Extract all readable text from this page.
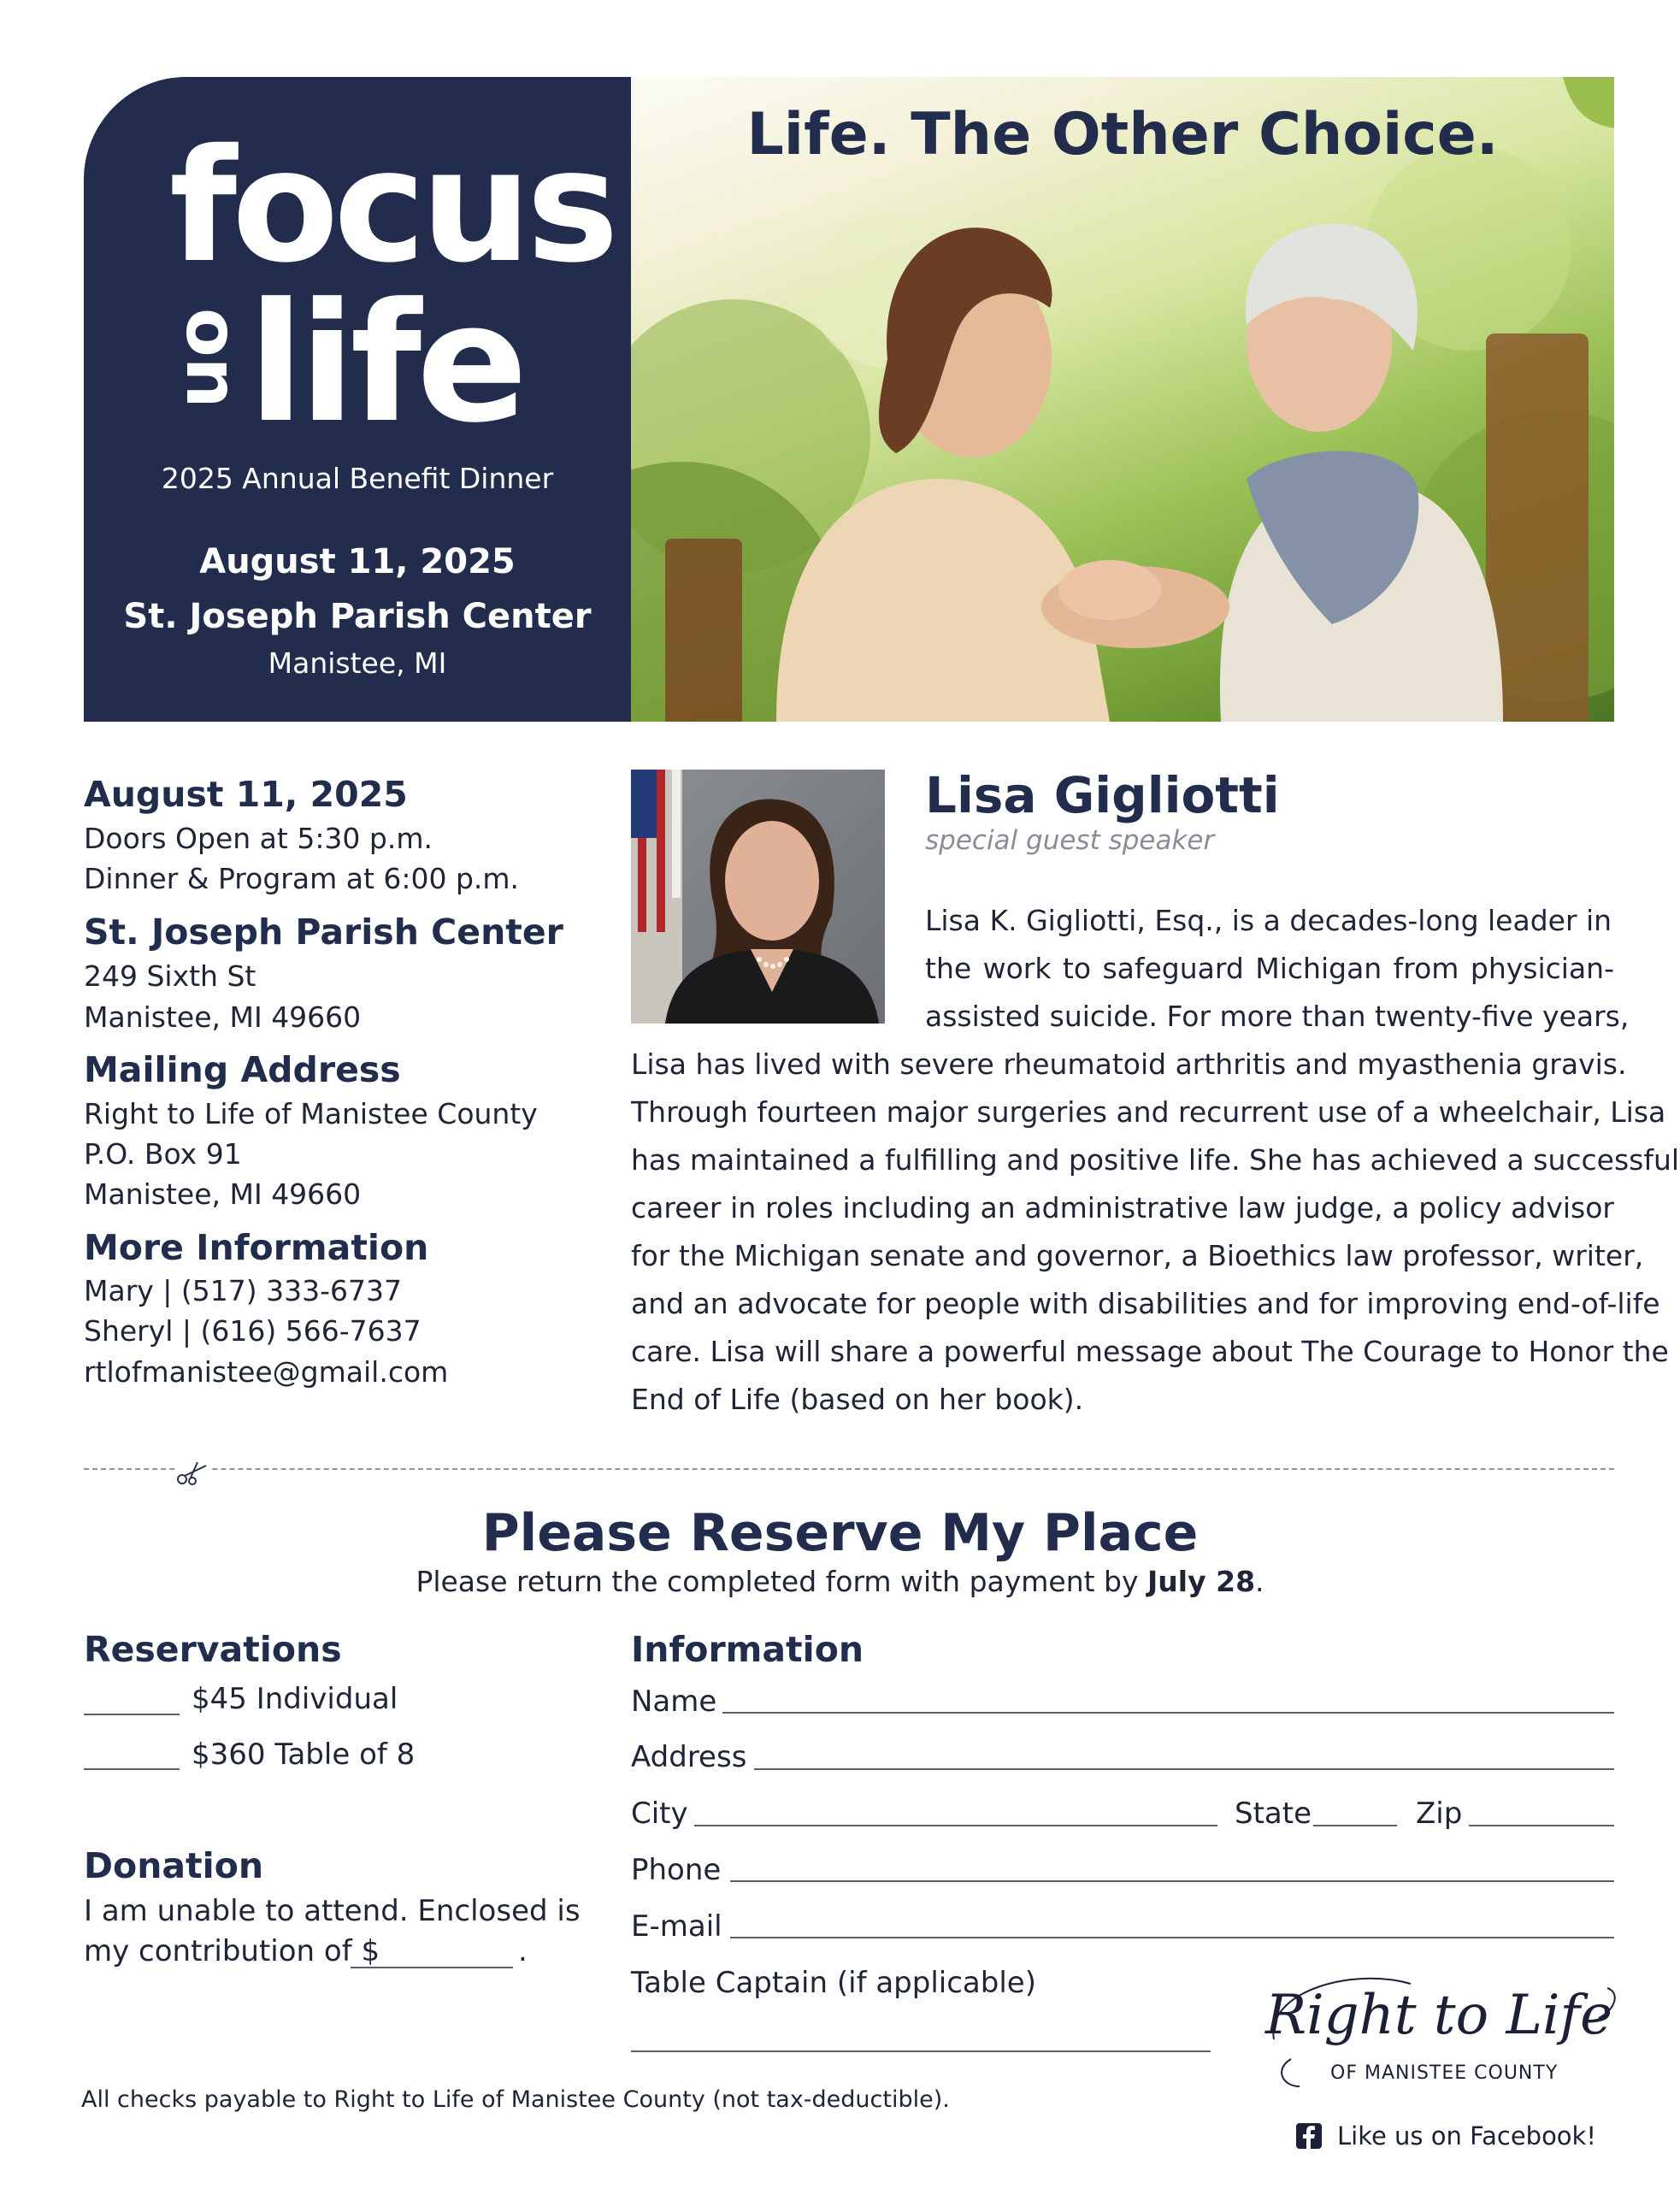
focus
on
life
2025 Annual Benefit Dinner
August 11, 2025
St. Joseph Parish Center
Manistee, MI
Life. The Other Choice.
August 11, 2025
Doors Open at 5:30 p.m.
Dinner & Program at 6:00 p.m.
St. Joseph Parish Center
249 Sixth St
Manistee, MI 49660
Mailing Address
Right to Life of Manistee County
P.O. Box 91
Manistee, MI 49660
More Information
Mary | (517) 333-6737
Sheryl | (616) 566-7637
rtlofmanistee@gmail.com
Lisa Gigliotti
special guest speaker
Lisa K. Gigliotti, Esq., is a decades-long leader in
the work to safeguard Michigan from physician-
assisted suicide. For more than twenty-five years,
Lisa has lived with severe rheumatoid arthritis and myasthenia gravis.
Through fourteen major surgeries and recurrent use of a wheelchair, Lisa
has maintained a fulfilling and positive life. She has achieved a successful
career in roles including an administrative law judge, a policy advisor
for the Michigan senate and governor, a Bioethics law professor, writer,
and an advocate for people with disabilities and for improving end-of-life
care. Lisa will share a powerful message about The Courage to Honor the
End of Life (based on her book).
Please Reserve My Place
Please return the completed form with payment by July 28.
Reservations
$45 Individual
$360 Table of 8
Donation
I am unable to attend. Enclosed is
my contribution of $	.
Information
Name
Address
City	State	Zip
Phone
E-mail
Table Captain (if applicable)
All checks payable to Right to Life of Manistee County (not tax-deductible).
Right to Life
OF MANISTEE COUNTY
Like us on Facebook!
